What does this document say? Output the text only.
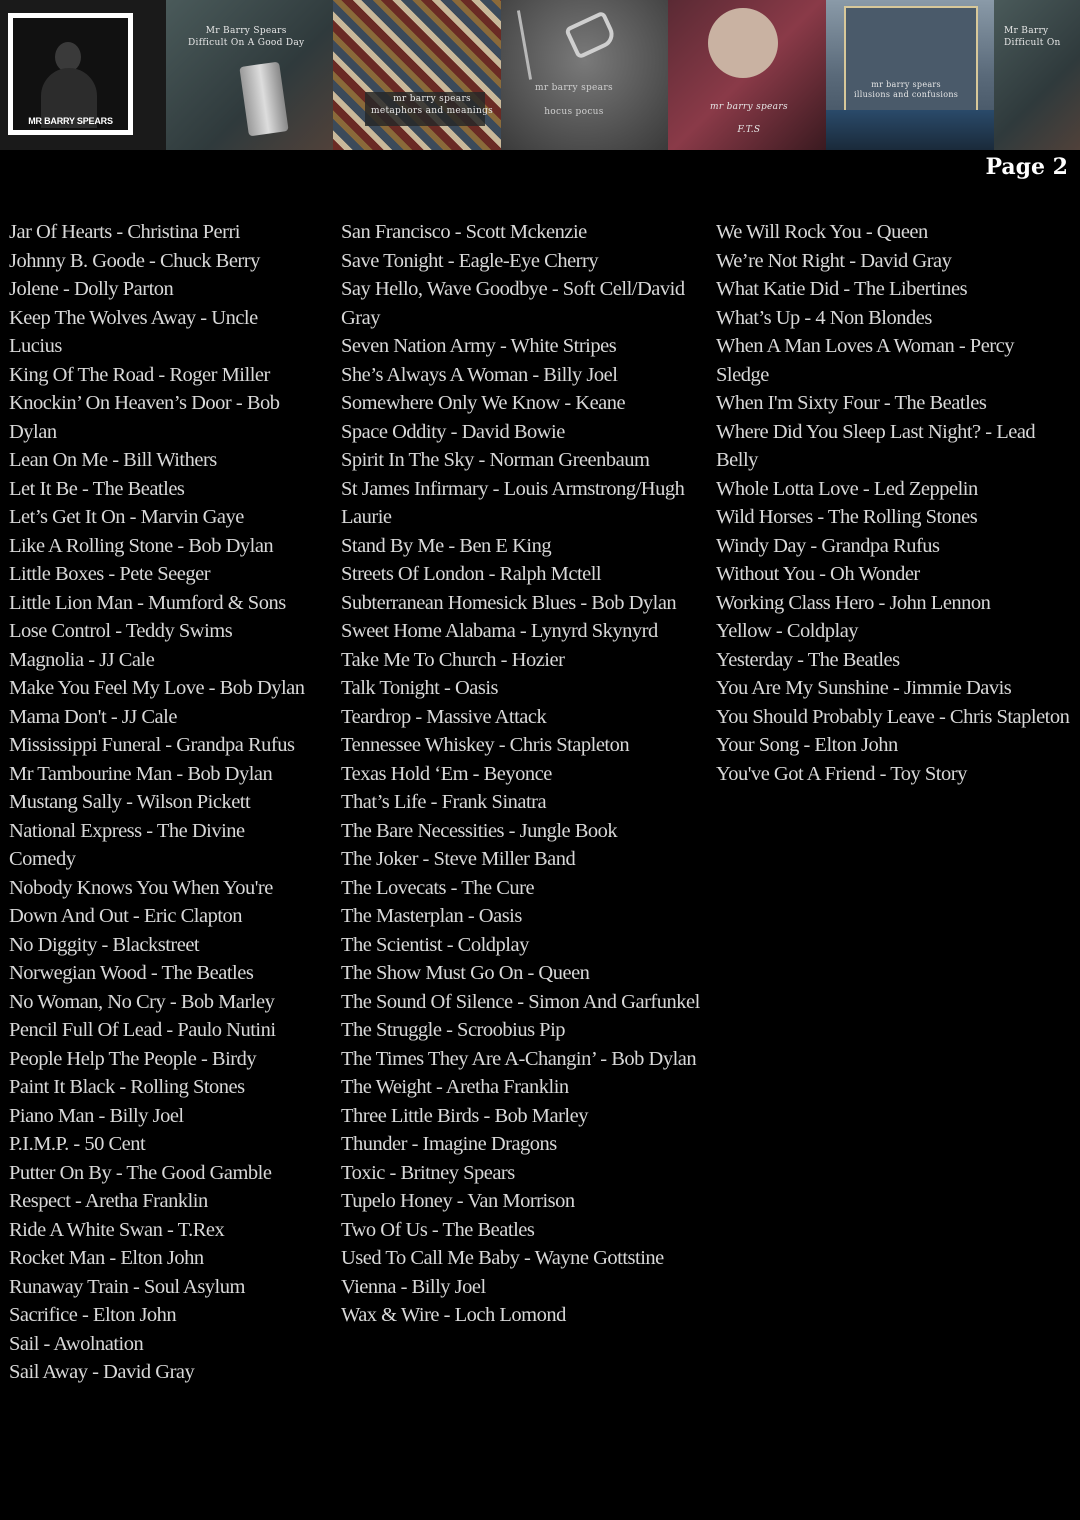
MR BARRY SPEARS
Mr Barry Spears
Difficult On A Good Day
mr barry spears
metaphors and meanings
mr barry spears
hocus pocus
mr barry spears
F.T.S
mr barry spears
illusions and confusions
Mr Barry
Difficult On
Page 2
Jar Of Hearts - Christina Perri
Johnny B. Goode - Chuck Berry
Jolene - Dolly Parton
Keep The Wolves Away - Uncle Lucius
King Of The Road - Roger Miller
Knockin’ On Heaven’s Door - Bob Dylan
Lean On Me - Bill Withers
Let It Be - The Beatles
Let’s Get It On - Marvin Gaye
Like A Rolling Stone - Bob Dylan
Little Boxes - Pete Seeger
Little Lion Man - Mumford & Sons
Lose Control - Teddy Swims
Magnolia - JJ Cale
Make You Feel My Love - Bob Dylan
Mama Don't - JJ Cale
Mississippi Funeral - Grandpa Rufus
Mr Tambourine Man - Bob Dylan
Mustang Sally - Wilson Pickett
National Express - The Divine Comedy
Nobody Knows You When You're Down And Out - Eric Clapton
No Diggity - Blackstreet
Norwegian Wood - The Beatles
No Woman, No Cry - Bob Marley
Pencil Full Of Lead - Paulo Nutini
People Help The People - Birdy
Paint It Black - Rolling Stones
Piano Man - Billy Joel
P.I.M.P. - 50 Cent
Putter On By - The Good Gamble
Respect - Aretha Franklin
Ride A White Swan - T.Rex
Rocket Man - Elton John
Runaway Train - Soul Asylum
Sacrifice - Elton John
Sail - Awolnation
Sail Away - David Gray
San Francisco - Scott Mckenzie
Save Tonight - Eagle-Eye Cherry
Say Hello, Wave Goodbye - Soft Cell/David Gray
Seven Nation Army - White Stripes
She’s Always A Woman - Billy Joel
Somewhere Only We Know - Keane
Space Oddity - David Bowie
Spirit In The Sky - Norman Greenbaum
St James Infirmary - Louis Armstrong/Hugh Laurie
Stand By Me - Ben E King
Streets Of London - Ralph Mctell
Subterranean Homesick Blues - Bob Dylan
Sweet Home Alabama - Lynyrd Skynyrd
Take Me To Church - Hozier
Talk Tonight - Oasis
Teardrop - Massive Attack
Tennessee Whiskey - Chris Stapleton
Texas Hold ‘Em - Beyonce
That’s Life - Frank Sinatra
The Bare Necessities - Jungle Book
The Joker - Steve Miller Band
The Lovecats - The Cure
The Masterplan - Oasis
The Scientist - Coldplay
The Show Must Go On - Queen
The Sound Of Silence - Simon And Garfunkel
The Struggle - Scroobius Pip
The Times They Are A-Changin’ - Bob Dylan
The Weight - Aretha Franklin
Three Little Birds - Bob Marley
Thunder - Imagine Dragons
Toxic - Britney Spears
Tupelo Honey - Van Morrison
Two Of Us - The Beatles
Used To Call Me Baby - Wayne Gottstine
Vienna - Billy Joel
Wax & Wire - Loch Lomond
We Will Rock You - Queen
We’re Not Right - David Gray
What Katie Did - The Libertines
What’s Up - 4 Non Blondes
When A Man Loves A Woman - Percy Sledge
When I'm Sixty Four - The Beatles
Where Did You Sleep Last Night? - Lead Belly
Whole Lotta Love - Led Zeppelin
Wild Horses - The Rolling Stones
Windy Day - Grandpa Rufus
Without You - Oh Wonder
Working Class Hero - John Lennon
Yellow - Coldplay
Yesterday - The Beatles
You Are My Sunshine - Jimmie Davis
You Should Probably Leave - Chris Stapleton
Your Song - Elton John
You've Got A Friend - Toy Story
